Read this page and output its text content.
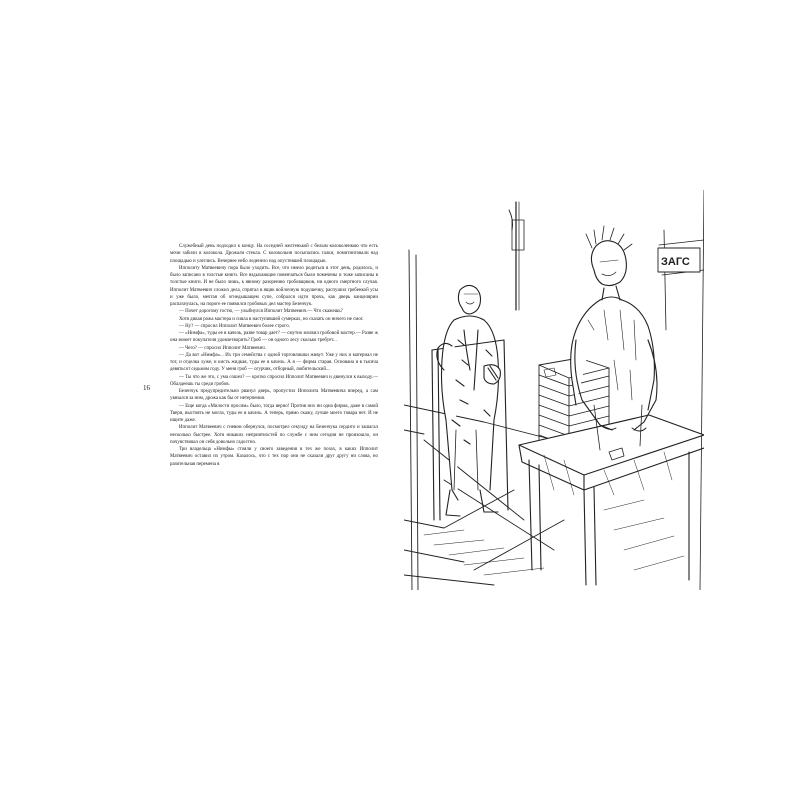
16

Служебный день подходил к концу. На соседней желтенькой с белым колоколенкою что есть мочи забили в колокола. Дрожали стекла. С колокольни посыпались галки, помитинговали над площадью и улеглись. Вечернее небо леденело над опустевшей площадью.

Ипполиту Матвеевичу пора было уходить. Все, что имело родиться в этот день, родилось, и было записано в толстые книги. Все вздыхающие повенчаться были помечены и тоже записаны в толстые книги. И не было лишь, к явному разорению гробовщиков, ни одного смертного случая. Ипполит Матвеевич сложил дела, спрятал в ящик войлочную подушечку, распушил гребенкой усы и уже было, мечтая об огнедышащем супе, собрался идти прочь, как дверь канцелярии распахнулась, на пороге ее появился гробовых дел мастер Безенчук.

— Почет дорогому гостю, — улыбнулся Ипполит Матвеевич.— Что скажешь?

Хотя дикая рожа мастера и сияла в наступившей сумерках, но сказать он ничего не смог.

— Ну? — спросил Ипполит Матвеевич более строго.

— «Нимфа», туды ее в качель, разве товар дает? — смутно молвил гробовой мастер.— Разве ж она может покупателя удовлетворить? Гроб — он одного лесу сколько требует...

— Чего? — спросил Ипполит Матвеевич.

— Да вот «Нимфа»... Их три семейства с одной торговлишки живут. Уже у них и материал не тот, и отделка хуже, и кисть жидкая, туды ее в качель. А я — фирма старая. Основана я в тысяча девятьсот седьмом году. У меня гроб — огурчик, отборный, любительский...

— Ты что же это, с ума сошел? — кротко спросил Ипполит Матвеевич и двинулся к выходу.— Обалдеешь ты среди гробов.

Безенчук предупредительно рванул дверь, пропустил Ипполита Матвеевича вперед, а сам увязался за ним, дрожа как бы от нетерпения.

— Еще когда «Милости просим» было, тогда верно! Против них ни одна фирма, даже в самой Твери, выстоять не могла, туды ее в качель. А теперь, прямо скажу, лучше моего товара нет. И не ищите даже.

Ипполит Матвеевич с гневом обернулся, посмотрел секунду на Безенчука сердито и зашагал несколько быстрее. Хотя никаких неприятностей по службе с ним сегодня не произошло, он почувствовал он себя довольно гадостно.

Три владельца «Нимфы» стояли у своего заведения в тех же позах, в каких Ипполит Матвеевич оставил их утром. Казалось, что с тех пор они не сказали друг другу ни слова, но разительная перемена в

ЗАГС
